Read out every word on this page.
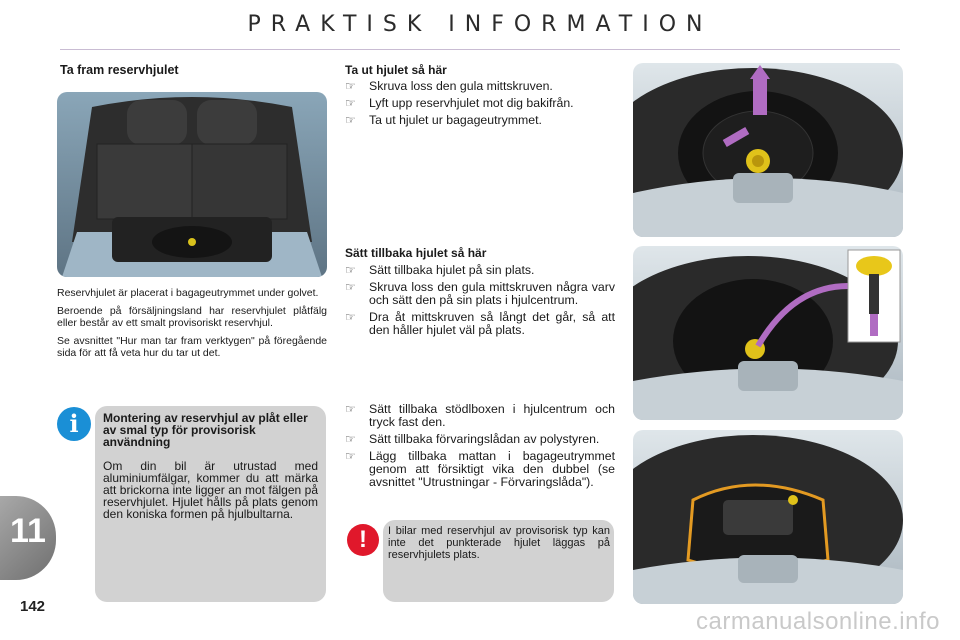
PRAKTISK INFORMATION
Ta fram reservhjulet

Reservhjulet är placerat i bagageutrymmet under golvet.

Beroende på försäljningsland har reservhjulet plåtfälg eller består av ett smalt provisoriskt reservhjul.

Se avsnittet "Hur man tar fram verktygen" på föregående sida för att få veta hur du tar ut det.

Montering av reservhjul av plåt eller av smal typ för provisorisk användning
Om din bil är utrustad med aluminiumfälgar, kommer du att märka att brickorna inte ligger an mot fälgen på reservhjulet. Hjulet hålls på plats genom den koniska formen på hjulbultarna.
i
Ta ut hjulet så här
☞ Skruva loss den gula mittskruven.
☞ Lyft upp reservhjulet mot dig bakifrån.
☞ Ta ut hjulet ur bagageutrymmet.
Sätt tillbaka hjulet så här
☞ Sätt tillbaka hjulet på sin plats.
☞ Skruva loss den gula mittskruven några varv och sätt den på sin plats i hjulcentrum.
☞ Dra åt mittskruven så långt det går, så att den håller hjulet väl på plats.
☞ Sätt tillbaka stödlboxen i hjulcentrum och tryck fast den.
☞ Sätt tillbaka förvaringslådan av polystyren.
☞ Lägg tillbaka mattan i bagageutrymmet genom att försiktigt vika den dubbel (se avsnittet "Utrustningar - Förvaringslåda").
I bilar med reservhjul av provisorisk typ kan inte det punkterade hjulet läggas på reservhjulets plats.
!
11
142
carmanualsonline.info
